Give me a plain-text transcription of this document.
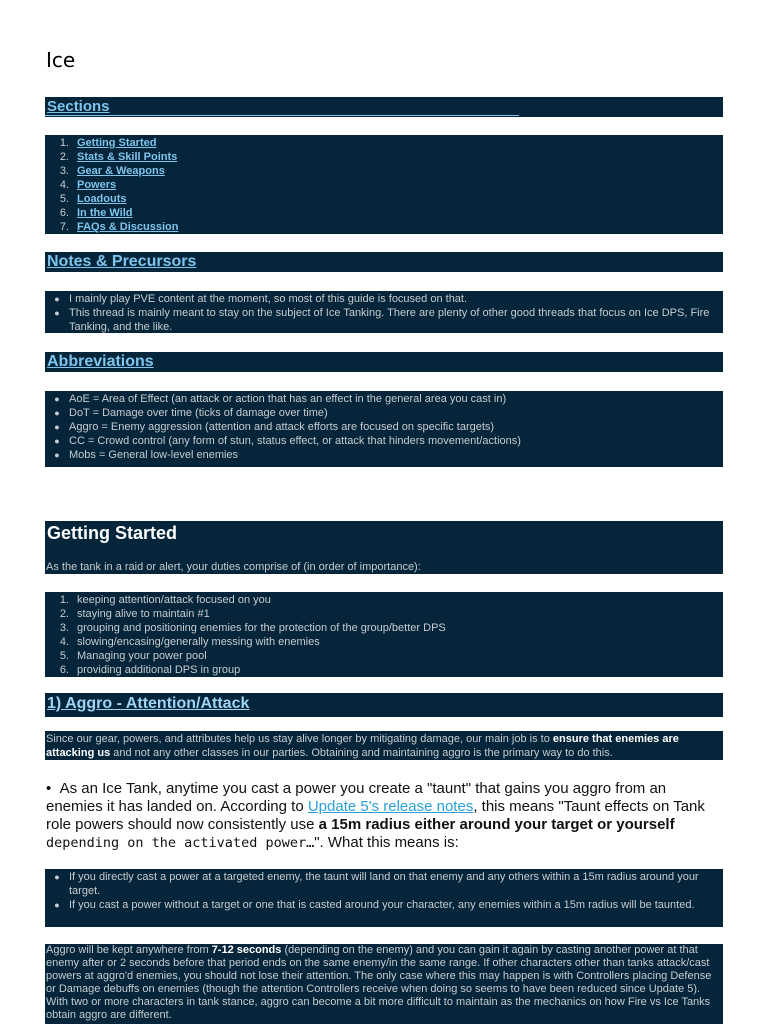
Ice
Sections
1. Getting Started
2. Stats & Skill Points
3. Gear & Weapons
4. Powers
5. Loadouts
6. In the Wild
7. FAQs & Discussion
Notes & Precursors
● I mainly play PVE content at the moment, so most of this guide is focused on that.
● This thread is mainly meant to stay on the subject of Ice Tanking. There are plenty of other good threads that focus on Ice DPS, Fire Tanking, and the like.
Abbreviations
● AoE = Area of Effect (an attack or action that has an effect in the general area you cast in)
● DoT = Damage over time (ticks of damage over time)
● Aggro = Enemy aggression (attention and attack efforts are focused on specific targets)
● CC = Crowd control (any form of stun, status effect, or attack that hinders movement/actions)
● Mobs = General low-level enemies
Getting Started
As the tank in a raid or alert, your duties comprise of (in order of importance):
1. keeping attention/attack focused on you
2. staying alive to maintain #1
3. grouping and positioning enemies for the protection of the group/better DPS
4. slowing/encasing/generally messing with enemies
5. Managing your power pool
6. providing additional DPS in group
1) Aggro - Attention/Attack
Since our gear, powers, and attributes help us stay alive longer by mitigating damage, our main job is to ensure that enemies are attacking us and not any other classes in our parties. Obtaining and maintaining aggro is the primary way to do this.
•  As an Ice Tank, anytime you cast a power you create a "taunt" that gains you aggro from an enemies it has landed on. According to Update 5's release notes, this means "Taunt effects on Tank role powers should now consistently use a 15m radius either around your target or yourself depending on the activated power…". What this means is:
● If you directly cast a power at a targeted enemy, the taunt will land on that enemy and any others within a 15m radius around your target.
● If you cast a power without a target or one that is casted around your character, any enemies within a 15m radius will be taunted.
Aggro will be kept anywhere from 7-12 seconds (depending on the enemy) and you can gain it again by casting another power at that enemy after or 2 seconds before that period ends on the same enemy/in the same range. If other characters other than tanks attack/cast powers at aggro'd enemies, you should not lose their attention. The only case where this may happen is with Controllers placing Defense or Damage debuffs on enemies (though the attention Controllers receive when doing so seems to have been reduced since Update 5). With two or more characters in tank stance, aggro can become a bit more difficult to maintain as the mechanics on how Fire vs Ice Tanks obtain aggro are different.
